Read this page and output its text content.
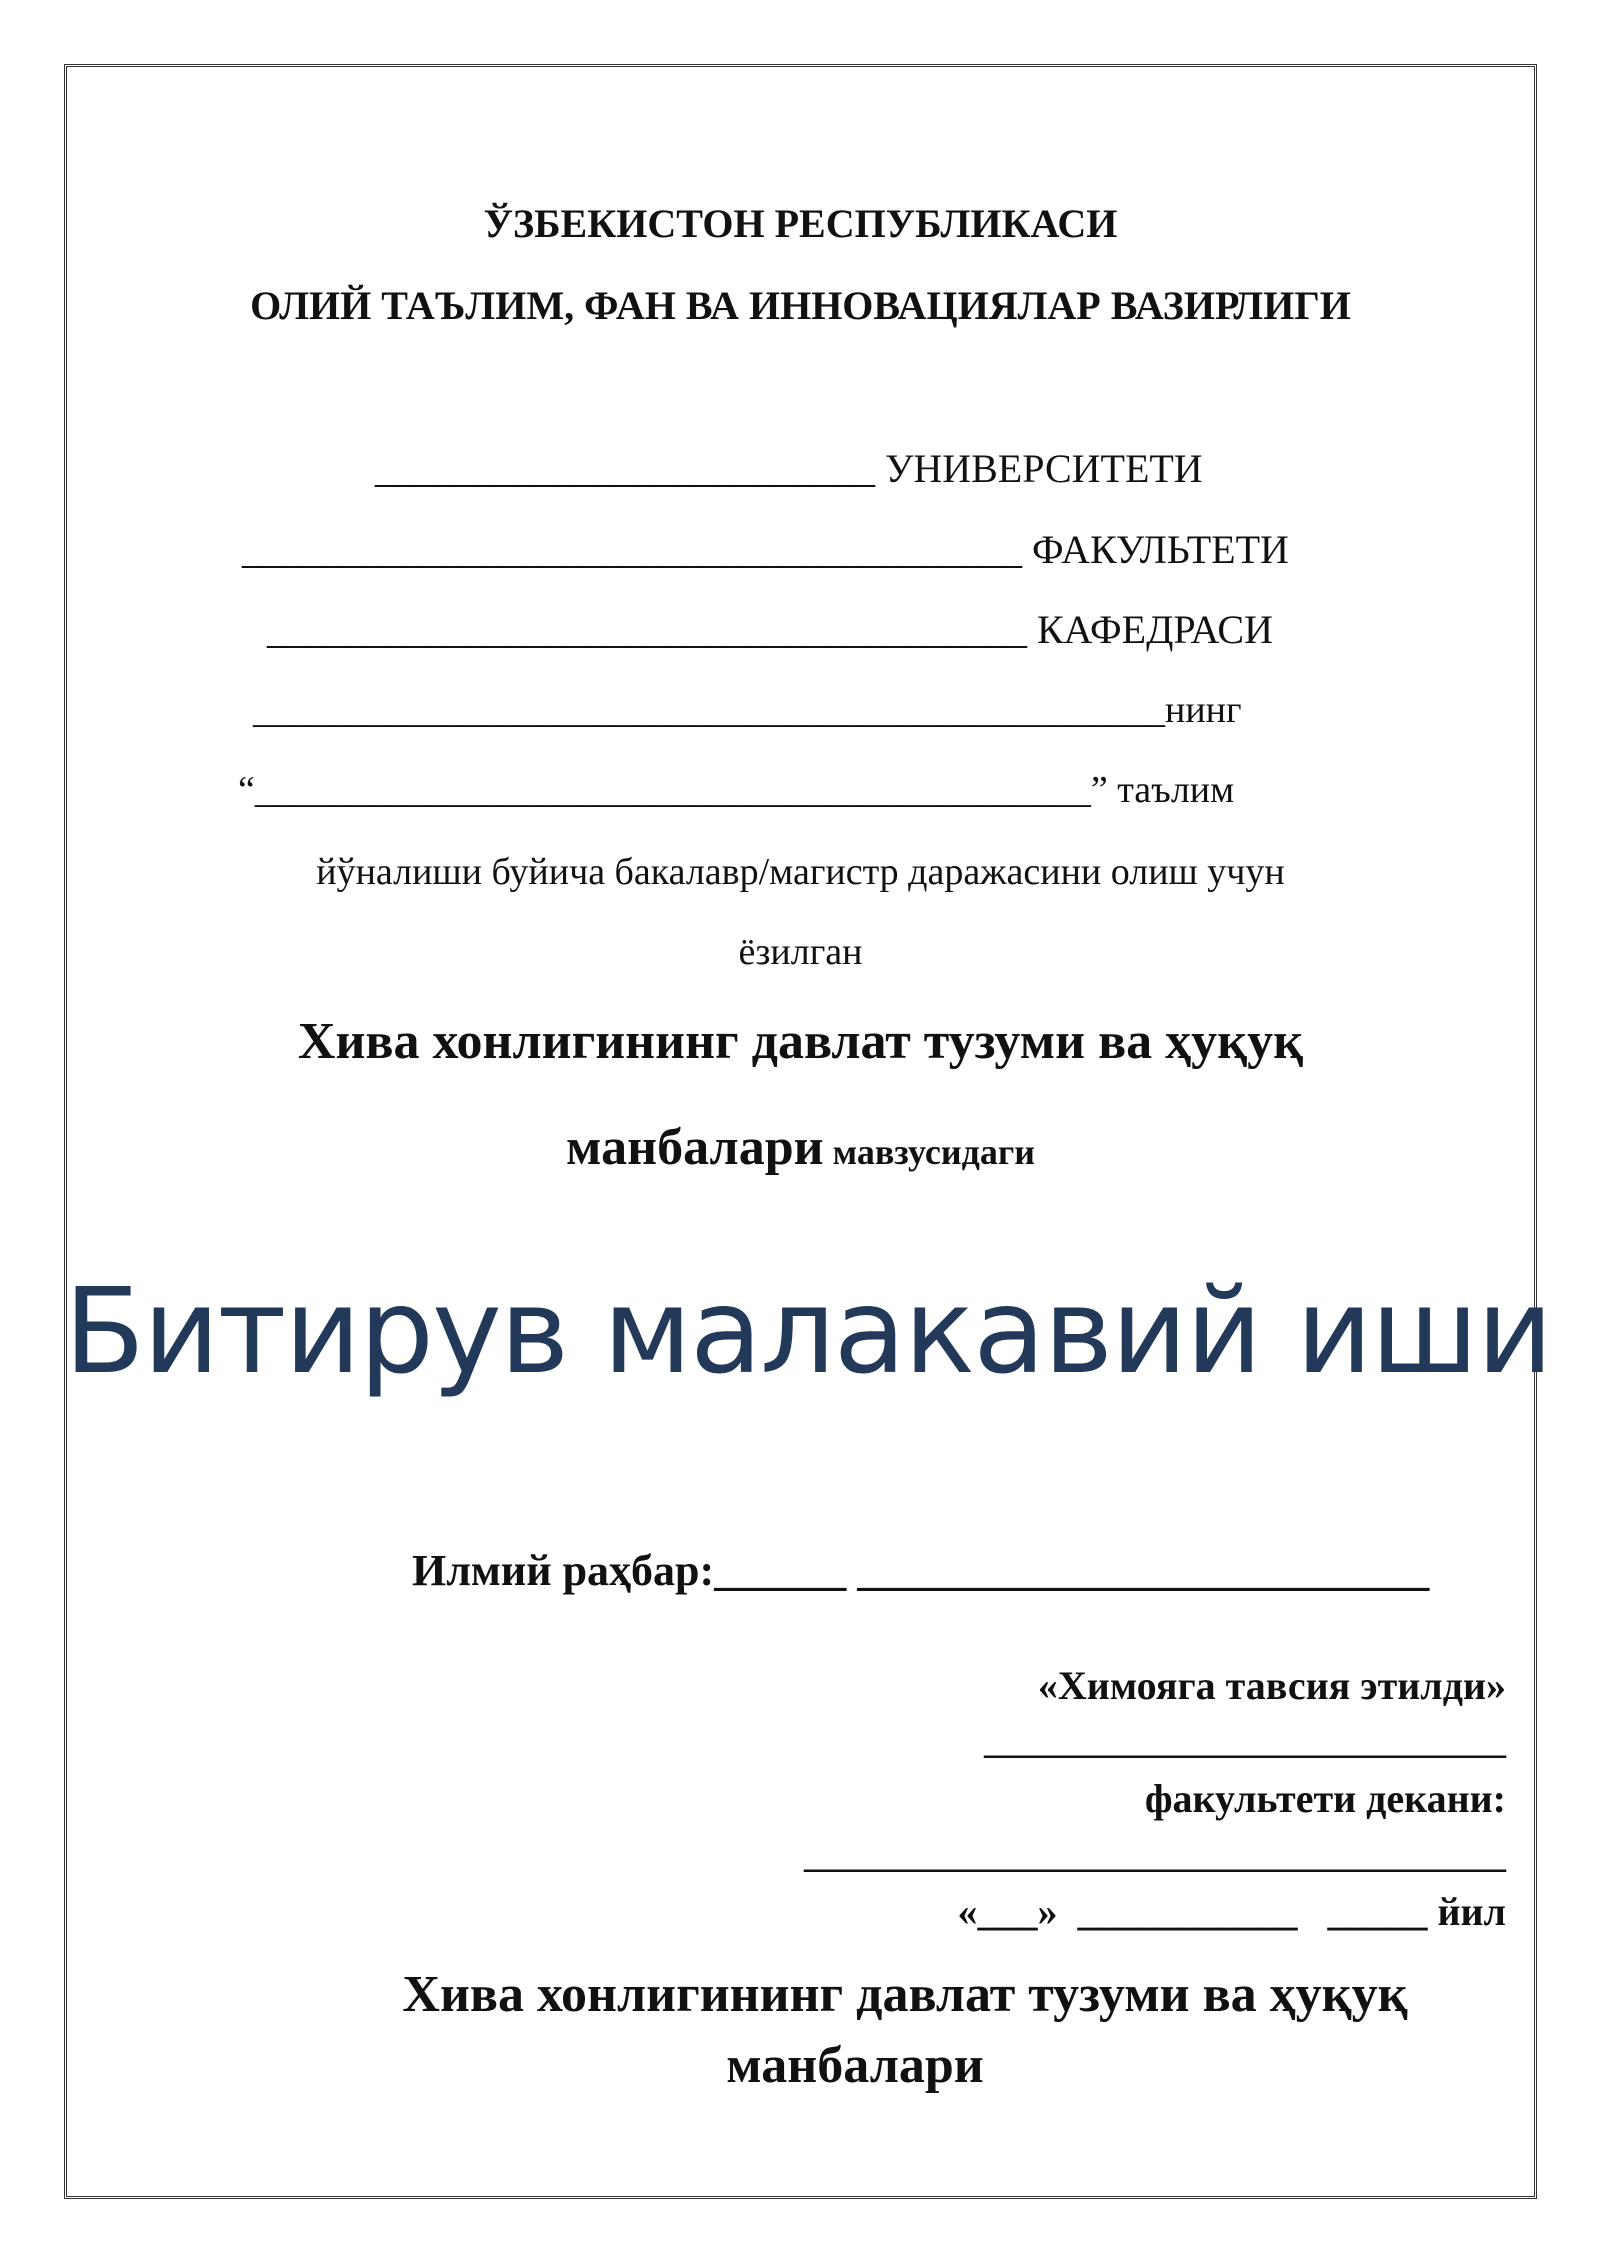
ЎЗБЕКИСТОН РЕСПУБЛИКАСИ
ОЛИЙ ТАЪЛИМ, ФАН ВА ИННОВАЦИЯЛАР ВАЗИРЛИГИ
_________________________ УНИВЕРСИТЕТИ
_______________________________________ ФАКУЛЬТЕТИ
______________________________________ КАФЕДРАСИ
________________________________________________нинг
“____________________________________________” таълим
йўналиши буйича бакалавр/магистр даражасини олиш учун
ёзилган
Хива хонлигининг давлат тузуми ва ҳуқуқ
манбалари мавзусидаги
Битирув малакавий иши
Илмий раҳбар:______ __________________________
«Химояга тавсия этилди»
_____________________________
факультети декани:
_______________________________________
«___» ___________ _____ йил
Хива хонлигининг давлат тузуми ва ҳуқуқ
манбалари
